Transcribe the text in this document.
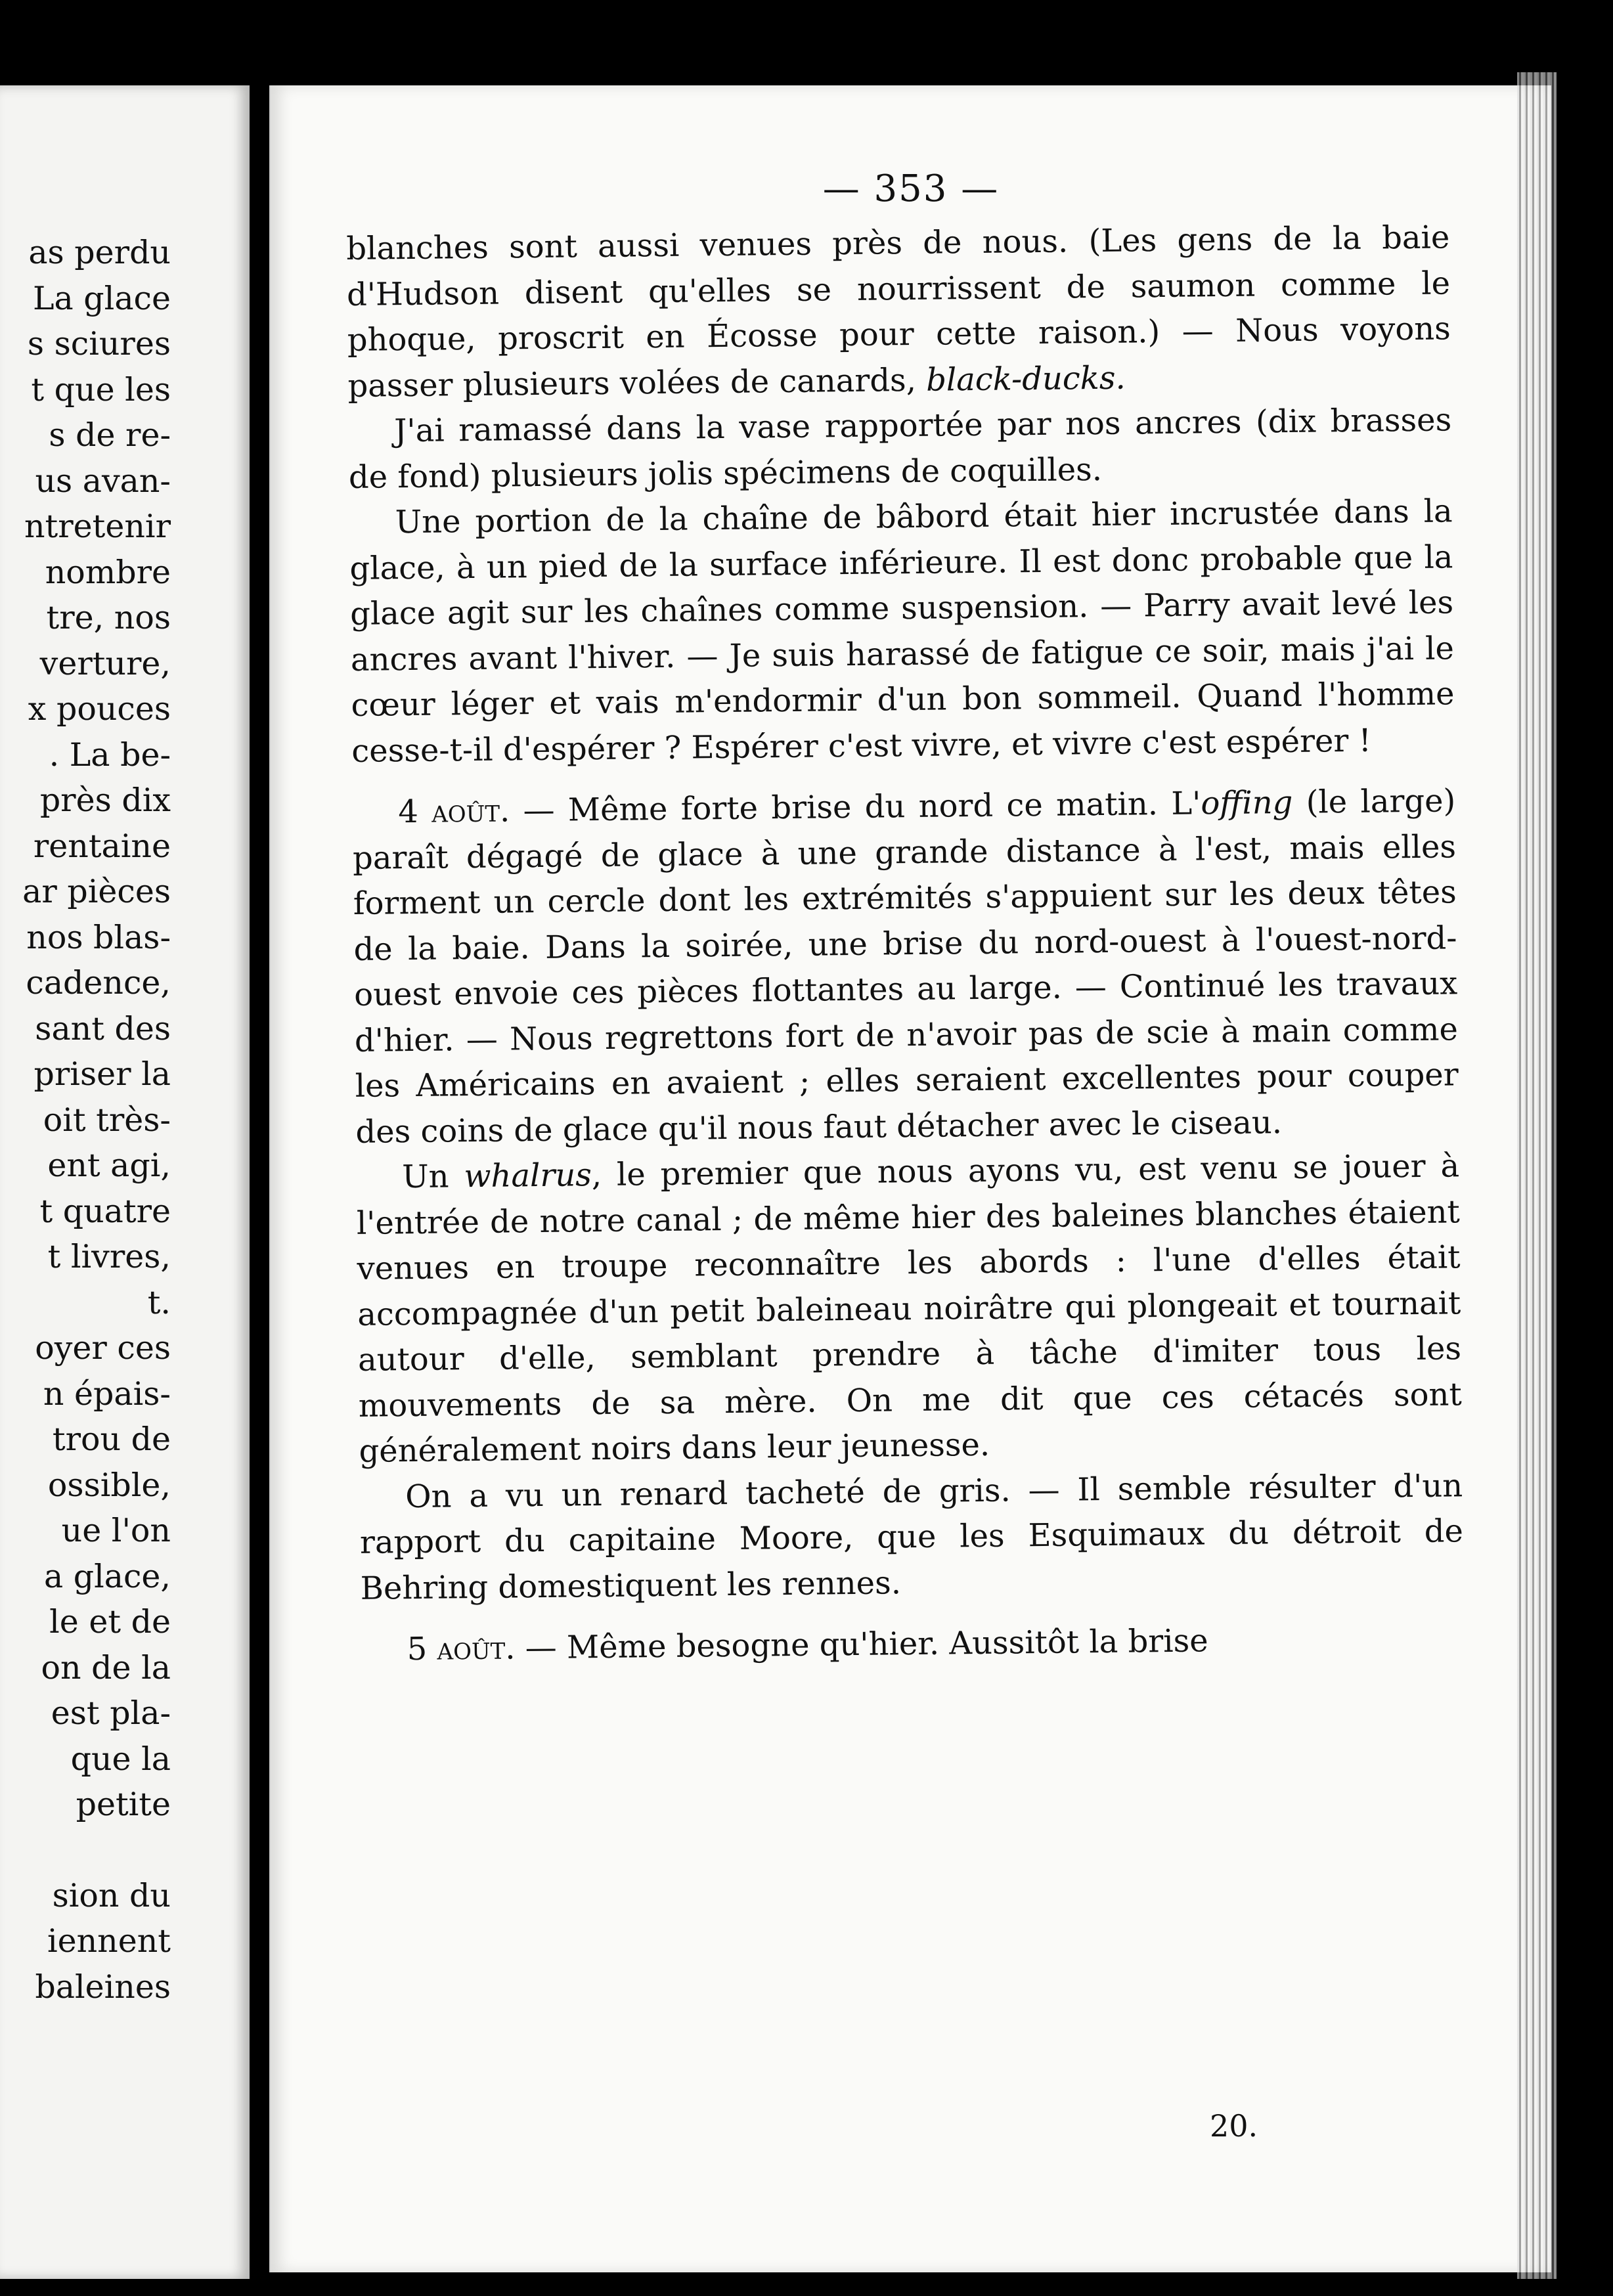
as perdu
La glace
s sciures
t que les
s de re-
us avan-
ntretenir
nombre
tre, nos
verture,
x pouces
. La be-
près dix
rentaine
ar pièces
nos blas-
cadence,
sant des
priser la
oit très-
ent agi,
t quatre
t livres,
t.
oyer ces
n épais-
trou de
ossible,
ue l'on
a glace,
le et de
on de la
est pla-
que la
petite
sion du
iennent
baleines
— 353 —

blanches sont aussi venues près de nous. (Les gens de la baie d'Hudson disent qu'elles se nourrissent de saumon comme le phoque, proscrit en Écosse pour cette raison.) — Nous voyons passer plusieurs volées de canards, black-ducks.

J'ai ramassé dans la vase rapportée par nos ancres (dix brasses de fond) plusieurs jolis spécimens de coquilles.

Une portion de la chaîne de bâbord était hier incrustée dans la glace, à un pied de la surface inférieure. Il est donc probable que la glace agit sur les chaînes comme suspension. — Parry avait levé les ancres avant l'hiver. — Je suis harassé de fatigue ce soir, mais j'ai le cœur léger et vais m'endormir d'un bon sommeil. Quand l'homme cesse-t-il d'espérer ? Espérer c'est vivre, et vivre c'est espérer !

4 août. — Même forte brise du nord ce matin. L'offing (le large) paraît dégagé de glace à une grande distance à l'est, mais elles forment un cercle dont les extrémités s'appuient sur les deux têtes de la baie. Dans la soirée, une brise du nord-ouest à l'ouest-nord-ouest envoie ces pièces flottantes au large. — Continué les travaux d'hier. — Nous regrettons fort de n'avoir pas de scie à main comme les Américains en avaient ; elles seraient excellentes pour couper des coins de glace qu'il nous faut détacher avec le ciseau.

Un whalrus, le premier que nous ayons vu, est venu se jouer à l'entrée de notre canal ; de même hier des baleines blanches étaient venues en troupe reconnaître les abords : l'une d'elles était accompagnée d'un petit baleineau noirâtre qui plongeait et tournait autour d'elle, semblant prendre à tâche d'imiter tous les mouvements de sa mère. On me dit que ces cétacés sont généralement noirs dans leur jeunesse.

On a vu un renard tacheté de gris. — Il semble résulter d'un rapport du capitaine Moore, que les Esquimaux du détroit de Behring domestiquent les rennes.

5 août. — Même besogne qu'hier. Aussitôt la brise

20.
